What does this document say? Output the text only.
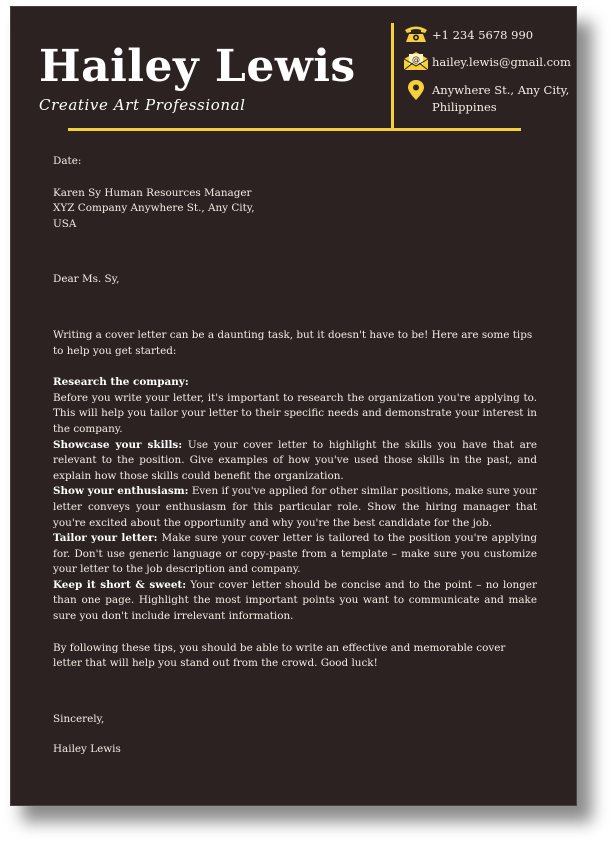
Hailey Lewis
Creative Art Professional
+1 234 5678 990
@ hailey.lewis@gmail.com
Anywhere St., Any City,
Philippines

Date:

Karen Sy Human Resources Manager

XYZ Company Anywhere St., Any City,

USA

Dear Ms. Sy,

Writing a cover letter can be a daunting task, but it doesn't have to be! Here are some tips to help you get started:

Research the company:

Before you write your letter, it's important to research the organization you're applying to. This will help you tailor your letter to their specific needs and demonstrate your interest in the company.

Showcase your skills: Use your cover letter to highlight the skills you have that are relevant to the position. Give examples of how you've used those skills in the past, and explain how those skills could benefit the organization.

Show your enthusiasm: Even if you've applied for other similar positions, make sure your letter conveys your enthusiasm for this particular role. Show the hiring manager that you're excited about the opportunity and why you're the best candidate for the job.

Tailor your letter: Make sure your cover letter is tailored to the position you're applying for. Don't use generic language or copy-paste from a template – make sure you customize your letter to the job description and company.

Keep it short & sweet: Your cover letter should be concise and to the point – no longer than one page. Highlight the most important points you want to communicate and make sure you don't include irrelevant information.

By following these tips, you should be able to write an effective and memorable cover letter that will help you stand out from the crowd. Good luck!

Sincerely,

Hailey Lewis
